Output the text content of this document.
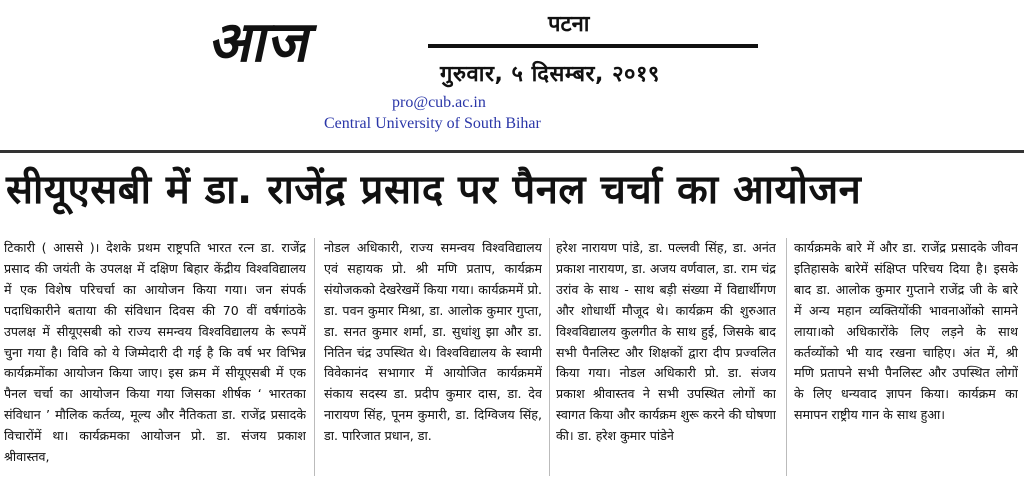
आज	पटना
गुरुवार, ५ दिसम्बर, २०१९
pro@cub.ac.in
Central University of South Bihar
सीयूएसबी में डा. राजेंद्र प्रसाद पर पैनल चर्चा का आयोजन
टिकारी ( आससे )। देशके प्रथम राष्ट्रपति भारत रत्न डा. राजेंद्र प्रसाद की जयंती के उपलक्ष में दक्षिण बिहार केंद्रीय विश्वविद्यालय में एक विशेष परिचर्चा का आयोजन किया गया। जन संपर्क पदाधिकारीने बताया की संविधान दिवस की 70 वीं वर्षगांठके उपलक्ष में सीयूएसबी को राज्य समन्वय विश्वविद्यालय के रूपमें चुना गया है। विवि को ये जिम्मेदारी दी गई है कि वर्ष भर विभिन्न कार्यक्रमोंका आयोजन किया जाए। इस क्रम में सीयूएसबी में एक पैनल चर्चा का आयोजन किया गया जिसका शीर्षक ‘ भारतका संविधान ’ मौलिक कर्तव्य, मूल्य और नैतिकता डा. राजेंद्र प्रसादके विचारोंमें था। कार्यक्रमका आयोजन प्रो. डा. संजय प्रकाश श्रीवास्तव,
नोडल अधिकारी, राज्य समन्वय विश्वविद्यालय एवं सहायक प्रो. श्री मणि प्रताप, कार्यक्रम संयोजकको देखरेखमें किया गया। कार्यक्रममें प्रो. डा. पवन कुमार मिश्रा, डा. आलोक कुमार गुप्ता, डा. सनत कुमार शर्मा, डा. सुधांशु झा और डा. नितिन चंद्र उपस्थित थे। विश्वविद्यालय के स्वामी विवेकानंद सभागार में आयोजित कार्यक्रममें संकाय सदस्य डा. प्रदीप कुमार दास, डा. देव नारायण सिंह, पूनम कुमारी, डा. दिग्विजय सिंह, डा. पारिजात प्रधान, डा.
हरेश नारायण पांडे, डा. पल्लवी सिंह, डा. अनंत प्रकाश नारायण, डा. अजय वर्णवाल, डा. राम चंद्र उरांव के साथ - साथ बड़ी संख्या में विद्यार्थीगण और शोधार्थी मौजूद थे। कार्यक्रम की शुरुआत विश्वविद्यालय कुलगीत के साथ हुई, जिसके बाद सभी पैनलिस्ट और शिक्षकों द्वारा दीप प्रज्वलित किया गया। नोडल अधिकारी प्रो. डा. संजय प्रकाश श्रीवास्तव ने सभी उपस्थित लोगों का स्वागत किया और कार्यक्रम शुरू करने की घोषणा की। डा. हरेश कुमार पांडेने
कार्यक्रमके बारे में और डा. राजेंद्र प्रसादके जीवन इतिहासके बारेमें संक्षिप्त परिचय दिया है। इसके बाद डा. आलोक कुमार गुप्ताने राजेंद्र जी के बारे में अन्य महान व्यक्तियोंकी भावनाओंको सामने लाया।को अधिकारोंके लिए लड़ने के साथ कर्तव्योंको भी याद रखना चाहिए। अंत में, श्री मणि प्रतापने सभी पैनलिस्ट और उपस्थित लोगों के लिए धन्यवाद ज्ञापन किया। कार्यक्रम का समापन राष्ट्रीय गान के साथ हुआ।
